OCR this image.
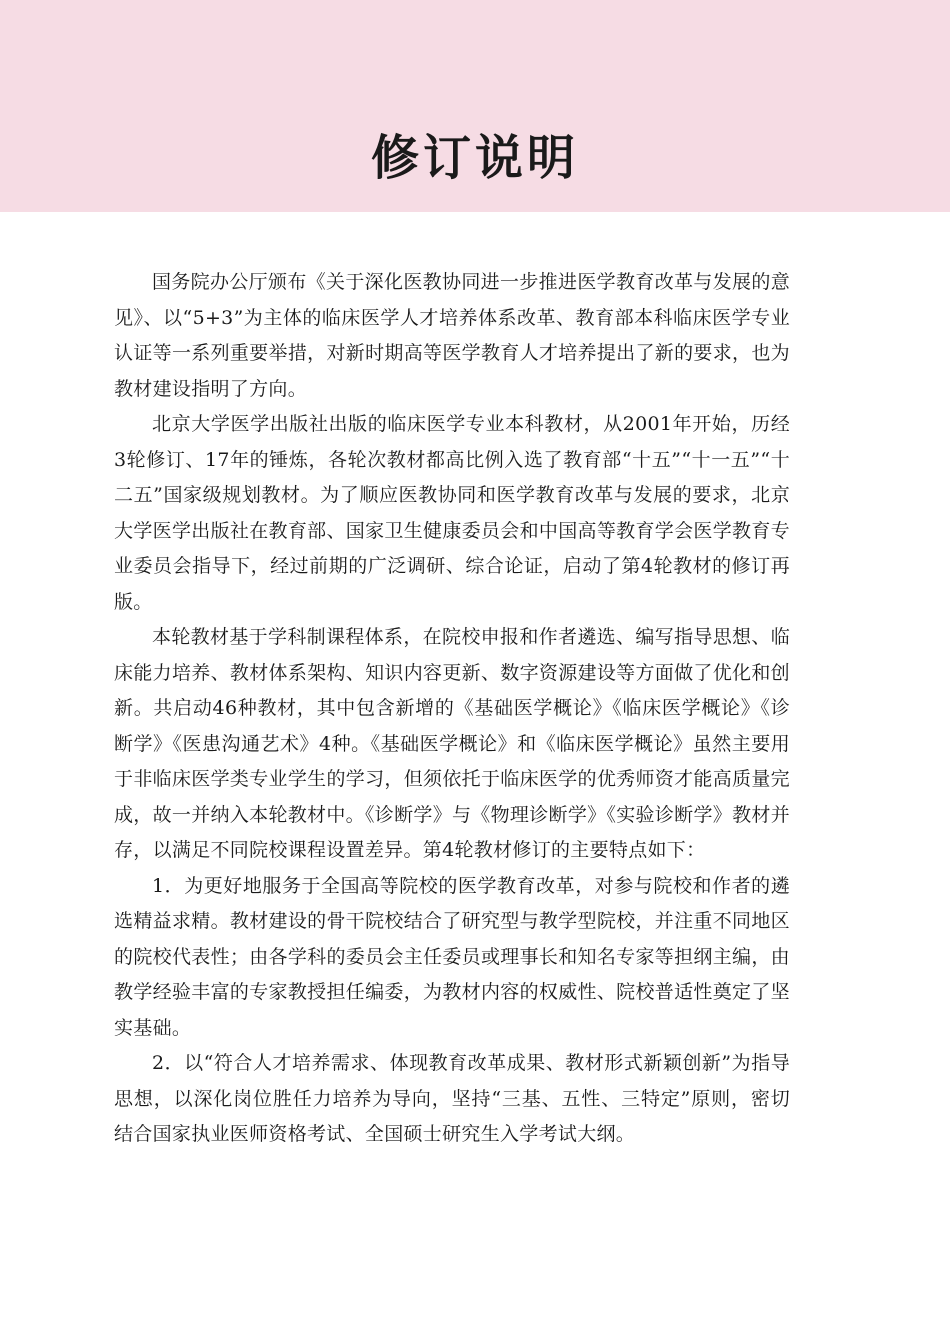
修订说明

国务院办公厅颁布《关于深化医教协同进一步推进医学教育改革与发展的意见》、以“5+3”为主体的临床医学人才培养体系改革、教育部本科临床医学专业认证等一系列重要举措，对新时期高等医学教育人才培养提出了新的要求，也为教材建设指明了方向。

北京大学医学出版社出版的临床医学专业本科教材，从2001年开始，历经3轮修订、17年的锤炼，各轮次教材都高比例入选了教育部“十五”“十一五”“十二五”国家级规划教材。为了顺应医教协同和医学教育改革与发展的要求，北京大学医学出版社在教育部、国家卫生健康委员会和中国高等教育学会医学教育专业委员会指导下，经过前期的广泛调研、综合论证，启动了第4轮教材的修订再版。

本轮教材基于学科制课程体系，在院校申报和作者遴选、编写指导思想、临床能力培养、教材体系架构、知识内容更新、数字资源建设等方面做了优化和创新。共启动46种教材，其中包含新增的《基础医学概论》《临床医学概论》《诊断学》《医患沟通艺术》4种。《基础医学概论》和《临床医学概论》虽然主要用于非临床医学类专业学生的学习，但须依托于临床医学的优秀师资才能高质量完成，故一并纳入本轮教材中。《诊断学》与《物理诊断学》《实验诊断学》教材并存，以满足不同院校课程设置差异。第4轮教材修订的主要特点如下：

1．为更好地服务于全国高等院校的医学教育改革，对参与院校和作者的遴选精益求精。教材建设的骨干院校结合了研究型与教学型院校，并注重不同地区的院校代表性；由各学科的委员会主任委员或理事长和知名专家等担纲主编，由教学经验丰富的专家教授担任编委，为教材内容的权威性、院校普适性奠定了坚实基础。

2．以“符合人才培养需求、体现教育改革成果、教材形式新颖创新”为指导思想，以深化岗位胜任力培养为导向，坚持“三基、五性、三特定”原则，密切结合国家执业医师资格考试、全国硕士研究生入学考试大纲。
